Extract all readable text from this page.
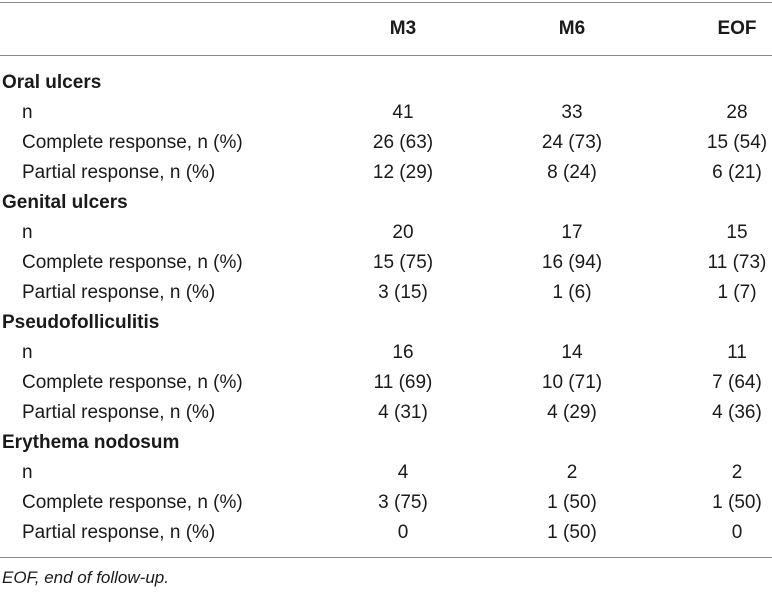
M3	M6	EOF
Oral ulcers
n	41	33	28
Complete response, n (%)	26 (63)	24 (73)	15 (54)
Partial response, n (%)	12 (29)	8 (24)	6 (21)
Genital ulcers
n	20	17	15
Complete response, n (%)	15 (75)	16 (94)	11 (73)
Partial response, n (%)	3 (15)	1 (6)	1 (7)
Pseudofolliculitis
n	16	14	11
Complete response, n (%)	11 (69)	10 (71)	7 (64)
Partial response, n (%)	4 (31)	4 (29)	4 (36)
Erythema nodosum
n	4	2	2
Complete response, n (%)	3 (75)	1 (50)	1 (50)
Partial response, n (%)	0	1 (50)	0
EOF, end of follow-up.
